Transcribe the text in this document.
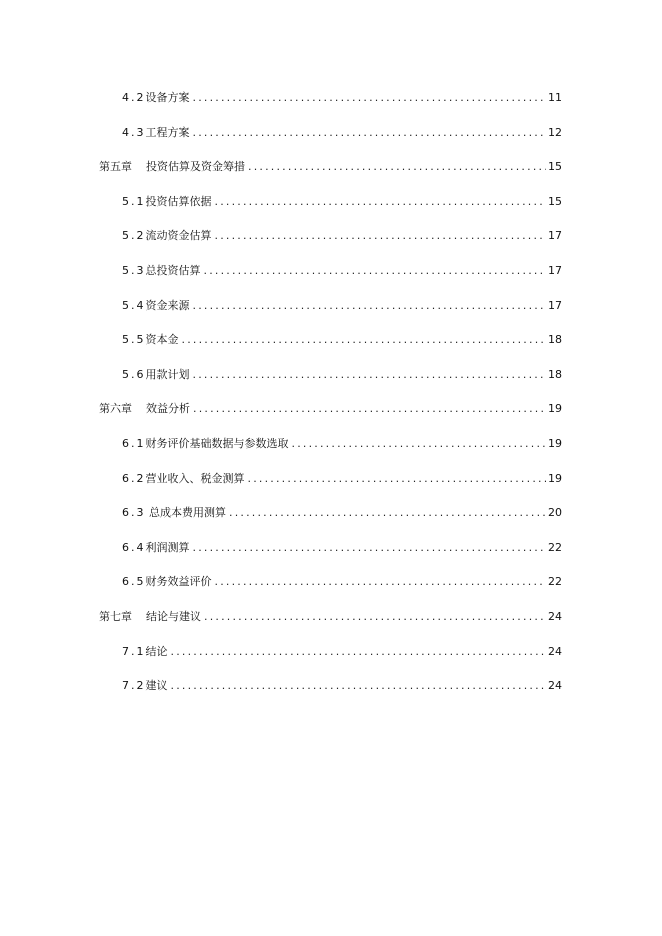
4.2 设备方案 .....	11
4.3 工程方案 .....	12
第五章 投资估算及资金筹措 .....	15
5.1 投资估算依据 .....	15
5.2 流动资金估算 .....	17
5.3 总投资估算 .....	17
5.4 资金来源 .....	17
5.5 资本金 .....	18
5.6 用款计划 .....	18
第六章 效益分析 .....	19
6.1 财务评价基础数据与参数选取 .....	19
6.2 营业收入、税金测算 .....	19
6.3 总成本费用测算 .....	20
6.4 利润测算 .....	22
6.5 财务效益评价 .....	22
第七章 结论与建议 .....	24
7.1 结论 .....	24
7.2 建议 .....	24
